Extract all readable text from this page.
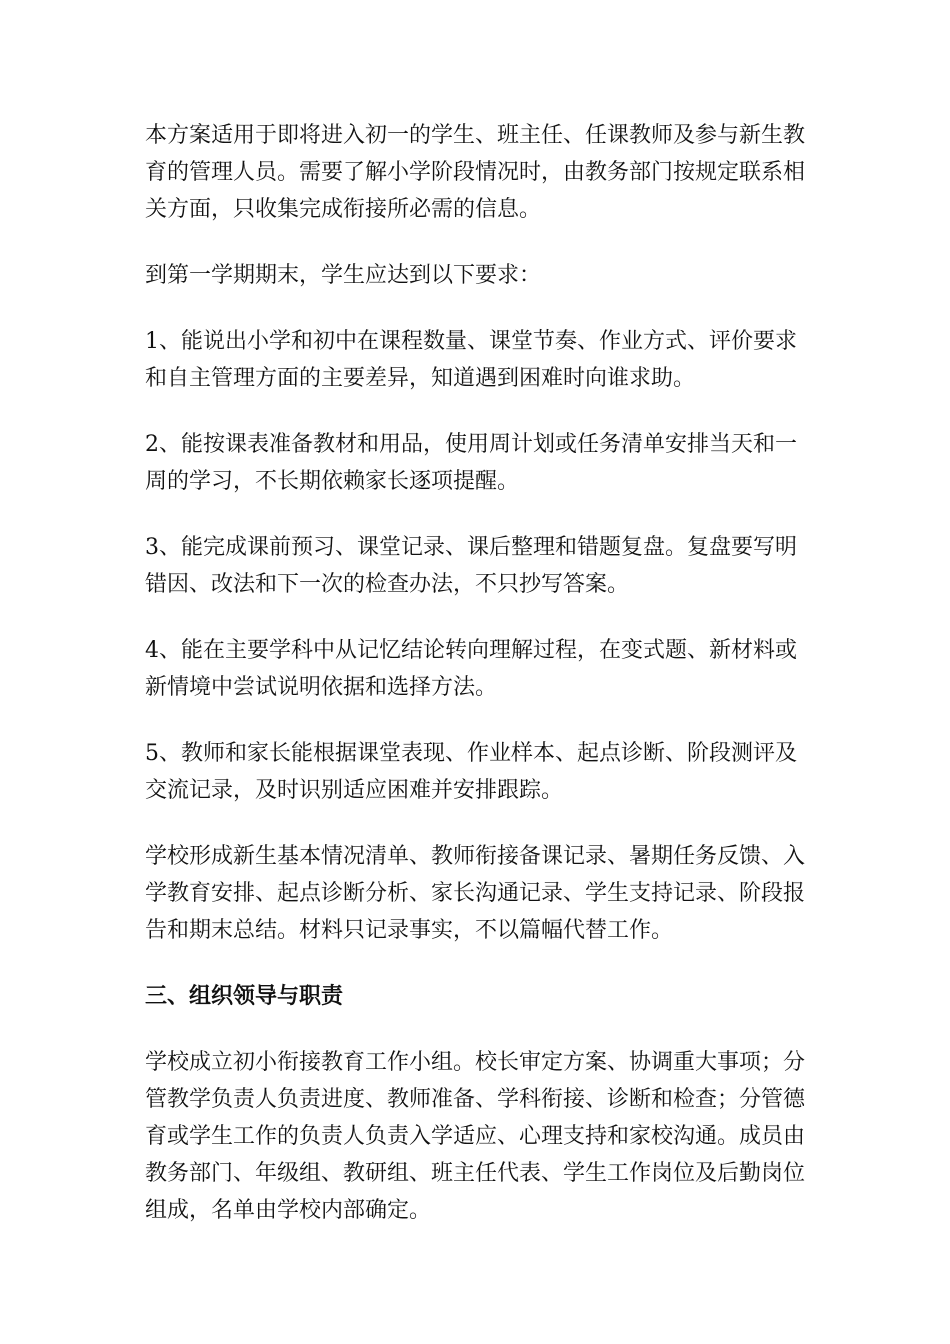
本方案适用于即将进入初一的学生、班主任、任课教师及参与新生教育的管理人员。需要了解小学阶段情况时，由教务部门按规定联系相关方面，只收集完成衔接所必需的信息。

到第一学期期末，学生应达到以下要求：

1、能说出小学和初中在课程数量、课堂节奏、作业方式、评价要求和自主管理方面的主要差异，知道遇到困难时向谁求助。

2、能按课表准备教材和用品，使用周计划或任务清单安排当天和一周的学习，不长期依赖家长逐项提醒。

3、能完成课前预习、课堂记录、课后整理和错题复盘。复盘要写明错因、改法和下一次的检查办法，不只抄写答案。

4、能在主要学科中从记忆结论转向理解过程，在变式题、新材料或新情境中尝试说明依据和选择方法。

5、教师和家长能根据课堂表现、作业样本、起点诊断、阶段测评及交流记录，及时识别适应困难并安排跟踪。

学校形成新生基本情况清单、教师衔接备课记录、暑期任务反馈、入学教育安排、起点诊断分析、家长沟通记录、学生支持记录、阶段报告和期末总结。材料只记录事实，不以篇幅代替工作。

三、组织领导与职责

学校成立初小衔接教育工作小组。校长审定方案、协调重大事项；分管教学负责人负责进度、教师准备、学科衔接、诊断和检查；分管德育或学生工作的负责人负责入学适应、心理支持和家校沟通。成员由教务部门、年级组、教研组、班主任代表、学生工作岗位及后勤岗位组成，名单由学校内部确定。
